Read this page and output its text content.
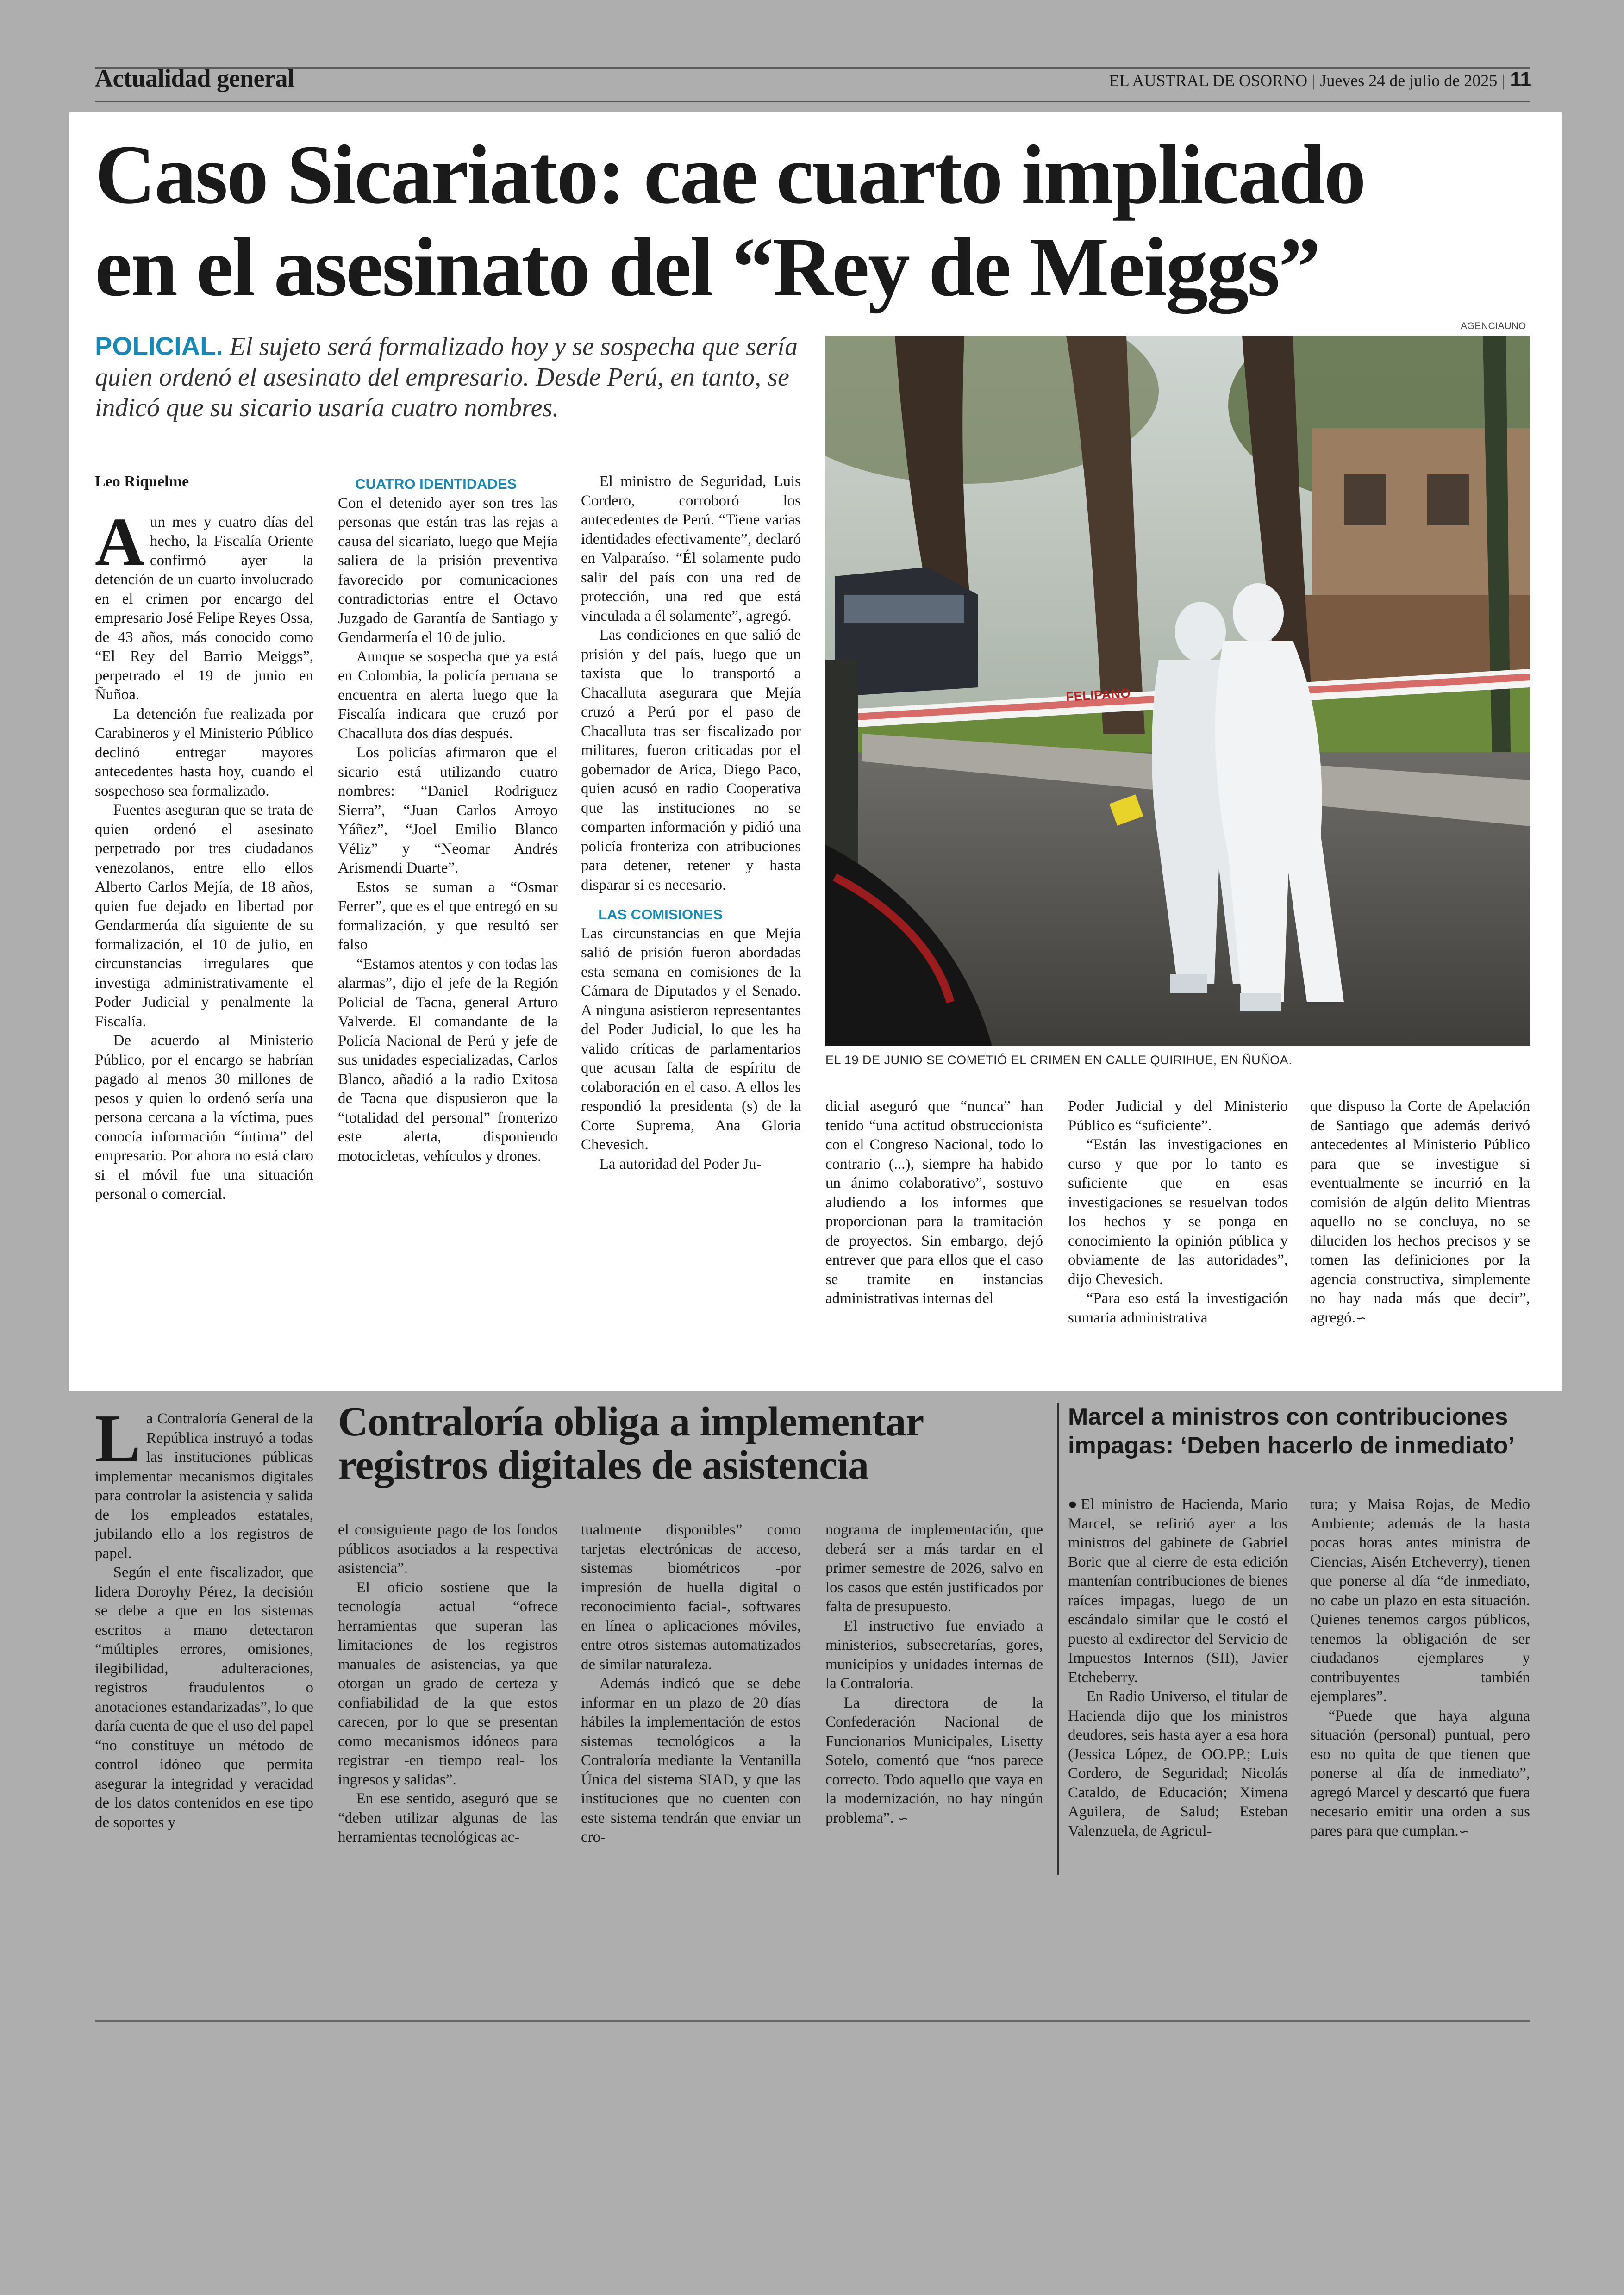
Actualidad general	EL AUSTRAL DE OSORNO | Jueves 24 de julio de 2025 | 11
Caso Sicariato: cae cuarto implicado
en el asesinato del “Rey de Meiggs”
POLICIAL. El sujeto será formalizado hoy y se sospecha que sería quien ordenó el asesinato del empresario. Desde Perú, en tanto, se indicó que su sicario usaría cuatro nombres.
AGENCIAUNO
FELIPANO
EL 19 DE JUNIO SE COMETIÓ EL CRIMEN EN CALLE QUIRIHUE, EN ÑUÑOA.

Leo Riquelme

Aun mes y cuatro días del hecho, la Fiscalía Oriente confirmó ayer la detención de un cuarto involucrado en el crimen por encargo del empresario José Felipe Reyes Ossa, de 43 años, más conocido como “El Rey del Barrio Meiggs”, perpetrado el 19 de junio en Ñuñoa.

La detención fue realizada por Carabineros y el Ministerio Público declinó entregar mayores antecedentes hasta hoy, cuando el sospechoso sea formalizado.

Fuentes aseguran que se trata de quien ordenó el asesinato perpetrado por tres ciudadanos venezolanos, entre ello ellos Alberto Carlos Mejía, de 18 años, quien fue dejado en libertad por Gendarmerúa día siguiente de su formalización, el 10 de julio, en circunstancias irregulares que investiga administrativamente el Poder Judicial y penalmente la Fiscalía.

De acuerdo al Ministerio Público, por el encargo se habrían pagado al menos 30 millones de pesos y quien lo ordenó sería una persona cercana a la víctima, pues conocía información “íntima” del empresario. Por ahora no está claro si el móvil fue una situación personal o comercial.

CUATRO IDENTIDADES

Con el detenido ayer son tres las personas que están tras las rejas a causa del sicariato, luego que Mejía saliera de la prisión preventiva favorecido por comunicaciones contradictorias entre el Octavo Juzgado de Garantía de Santiago y Gendarmería el 10 de julio.

Aunque se sospecha que ya está en Colombia, la policía peruana se encuentra en alerta luego que la Fiscalía indicara que cruzó por Chacalluta dos días después.

Los policías afirmaron que el sicario está utilizando cuatro nombres: “Daniel Rodriguez Sierra”, “Juan Carlos Arroyo Yáñez”, “Joel Emilio Blanco Véliz” y “Neomar Andrés Arismendi Duarte”.

Estos se suman a “Osmar Ferrer”, que es el que entregó en su formalización, y que resultó ser falso

“Estamos atentos y con todas las alarmas”, dijo el jefe de la Región Policial de Tacna, general Arturo Valverde. El comandante de la Policía Nacional de Perú y jefe de sus unidades especializadas, Carlos Blanco, añadió a la radio Exitosa de Tacna que dispusieron que la “totalidad del personal” fronterizo este alerta, disponiendo motocicletas, vehículos y drones.

El ministro de Seguridad, Luis Cordero, corroboró los antecedentes de Perú. “Tiene varias identidades efectivamente”, declaró en Valparaíso. “Él solamente pudo salir del país con una red de protección, una red que está vinculada a él solamente”, agregó.

Las condiciones en que salió de prisión y del país, luego que un taxista que lo transportó a Chacalluta asegurara que Mejía cruzó a Perú por el paso de Chacalluta tras ser fiscalizado por militares, fueron criticadas por el gobernador de Arica, Diego Paco, quien acusó en radio Cooperativa que las instituciones no se comparten información y pidió una policía fronteriza con atribuciones para detener, retener y hasta disparar si es necesario.

LAS COMISIONES

Las circunstancias en que Mejía salió de prisión fueron abordadas esta semana en comisiones de la Cámara de Diputados y el Senado. A ninguna asistieron representantes del Poder Judicial, lo que les ha valido críticas de parlamentarios que acusan falta de espíritu de colaboración en el caso. A ellos les respondió la presidenta (s) de la Corte Suprema, Ana Gloria Chevesich.

La autoridad del Poder Ju-

dicial aseguró que “nunca” han tenido “una actitud obstruccionista con el Congreso Nacional, todo lo contrario (...), siempre ha habido un ánimo colaborativo”, sostuvo aludiendo a los informes que proporcionan para la tramitación de proyectos. Sin embargo, dejó entrever que para ellos que el caso se tramite en instancias administrativas internas del

Poder Judicial y del Ministerio Público es “suficiente”.

“Están las investigaciones en curso y que por lo tanto es suficiente que en esas investigaciones se resuelvan todos los hechos y se ponga en conocimiento la opinión pública y obviamente de las autoridades”, dijo Chevesich.

“Para eso está la investigación sumaria administrativa

que dispuso la Corte de Apelación de Santiago que además derivó antecedentes al Ministerio Público para que se investigue si eventualmente se incurrió en la comisión de algún delito Mientras aquello no se concluya, no se diluciden los hechos precisos y se tomen las definiciones por la agencia constructiva, simplemente no hay nada más que decir”, agregó.∽

La Contraloría General de la República instruyó a todas las instituciones públicas implementar mecanismos digitales para controlar la asistencia y salida de los empleados estatales, jubilando ello a los registros de papel.

Según el ente fiscalizador, que lidera Doroyhy Pérez, la decisión se debe a que en los sistemas escritos a mano detectaron “múltiples errores, omisiones, ilegibilidad, adulteraciones, registros fraudulentos o anotaciones estandarizadas”, lo que daría cuenta de que el uso del papel “no constituye un método de control idóneo que permita asegurar la integridad y veracidad de los datos contenidos en ese tipo de soportes y

Contraloría obliga a implementar registros digitales de asistencia

el consiguiente pago de los fondos públicos asociados a la respectiva asistencia”.

El oficio sostiene que la tecnología actual “ofrece herramientas que superan las limitaciones de los registros manuales de asistencias, ya que otorgan un grado de certeza y confiabilidad de la que estos carecen, por lo que se presentan como mecanismos idóneos para registrar -en tiempo real- los ingresos y salidas”.

En ese sentido, aseguró que se “deben utilizar algunas de las herramientas tecnológicas ac-

tualmente disponibles” como tarjetas electrónicas de acceso, sistemas biométricos -por impresión de huella digital o reconocimiento facial-, softwares en línea o aplicaciones móviles, entre otros sistemas automatizados de similar naturaleza.

Además indicó que se debe informar en un plazo de 20 días hábiles la implementación de estos sistemas tecnológicos a la Contraloría mediante la Ventanilla Única del sistema SIAD, y que las instituciones que no cuenten con este sistema tendrán que enviar un cro-

nograma de implementación, que deberá ser a más tardar en el primer semestre de 2026, salvo en los casos que estén justificados por falta de presupuesto.

El instructivo fue enviado a ministerios, subsecretarías, gores, municipios y unidades internas de la Contraloría.

La directora de la Confederación Nacional de Funcionarios Municipales, Lisetty Sotelo, comentó que “nos parece correcto. Todo aquello que vaya en la modernización, no hay ningún problema”. ∽

Marcel a ministros con contribuciones impagas: ‘Deben hacerlo de inmediato’

●El ministro de Hacienda, Mario Marcel, se refirió ayer a los ministros del gabinete de Gabriel Boric que al cierre de esta edición mantenían contribuciones de bienes raíces impagas, luego de un escándalo similar que le costó el puesto al exdirector del Servicio de Impuestos Internos (SII), Javier Etcheberry.

En Radio Universo, el titular de Hacienda dijo que los ministros deudores, seis hasta ayer a esa hora (Jessica López, de OO.PP.; Luis Cordero, de Seguridad; Nicolás Cataldo, de Educación; Ximena Aguilera, de Salud; Esteban Valenzuela, de Agricul-

tura; y Maisa Rojas, de Medio Ambiente; además de la hasta pocas horas antes ministra de Ciencias, Aisén Etcheverry), tienen que ponerse al día “de inmediato, no cabe un plazo en esta situación. Quienes tenemos cargos públicos, tenemos la obligación de ser ciudadanos ejemplares y contribuyentes también ejemplares”.

“Puede que haya alguna situación (personal) puntual, pero eso no quita de que tienen que ponerse al día de inmediato”, agregó Marcel y descartó que fuera necesario emitir una orden a sus pares para que cumplan.∽
